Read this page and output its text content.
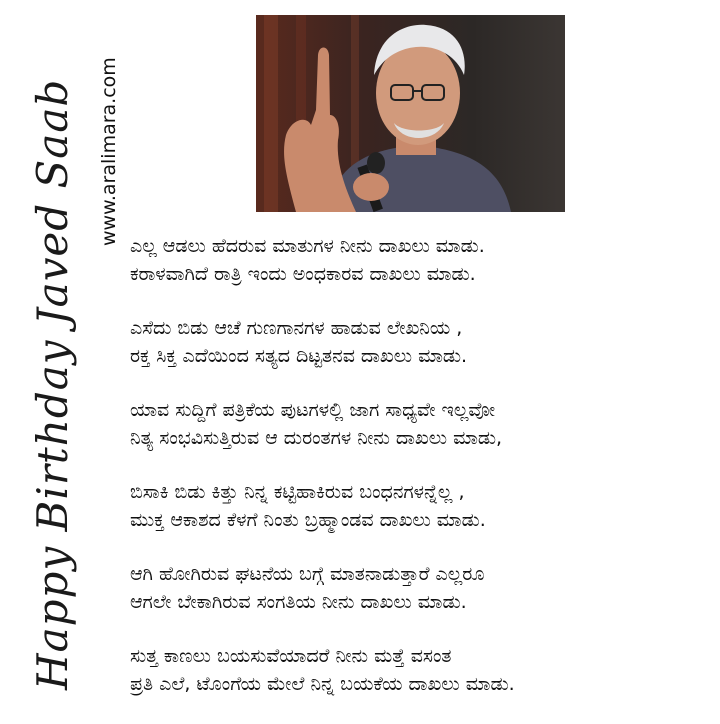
Happy Birthday Javed Saab www.aralimara.com ಎಲ್ಲ ಆಡಲು ಹೆದರುವ ಮಾತುಗಳ ನೀನು ದಾಖಲು ಮಾಡು.
ಕರಾಳವಾಗಿದೆ ರಾತ್ರಿ ಇಂದು ಅಂಧಕಾರವ ದಾಖಲು ಮಾಡು.
ಎಸೆದು ಬಿಡು ಆಚೆ ಗುಣಗಾನಗಳ ಹಾಡುವ ಲೇಖನಿಯ ,
ರಕ್ತ ಸಿಕ್ತ ಎದೆಯಿಂದ ಸತ್ಯದ ದಿಟ್ಟತನವ ದಾಖಲು ಮಾಡು.
ಯಾವ ಸುದ್ದಿಗೆ ಪತ್ರಿಕೆಯ ಪುಟಗಳಲ್ಲಿ ಜಾಗ ಸಾಧ್ಯವೇ ಇಲ್ಲವೋ
ನಿತ್ಯ ಸಂಭವಿಸುತ್ತಿರುವ ಆ ದುರಂತಗಳ ನೀನು ದಾಖಲು ಮಾಡು,
ಬಿಸಾಕಿ ಬಿಡು ಕಿತ್ತು ನಿನ್ನ ಕಟ್ಟಿಹಾಕಿರುವ ಬಂಧನಗಳನ್ನೆಲ್ಲ ,
ಮುಕ್ತ ಆಕಾಶದ ಕೆಳಗೆ ನಿಂತು ಬ್ರಹ್ಮಾಂಡವ ದಾಖಲು ಮಾಡು.
ಆಗಿ ಹೋಗಿರುವ ಘಟನೆಯ ಬಗ್ಗೆ ಮಾತನಾಡುತ್ತಾರೆ ಎಲ್ಲರೂ
ಆಗಲೇ ಬೇಕಾಗಿರುವ ಸಂಗತಿಯ ನೀನು ದಾಖಲು ಮಾಡು.
ಸುತ್ತ ಕಾಣಲು ಬಯಸುವೆಯಾದರೆ ನೀನು ಮತ್ತೆ ವಸಂತ
ಪ್ರತಿ ಎಲೆ, ಟೊಂಗೆಯ ಮೇಲೆ ನಿನ್ನ ಬಯಕೆಯ ದಾಖಲು ಮಾಡು.
